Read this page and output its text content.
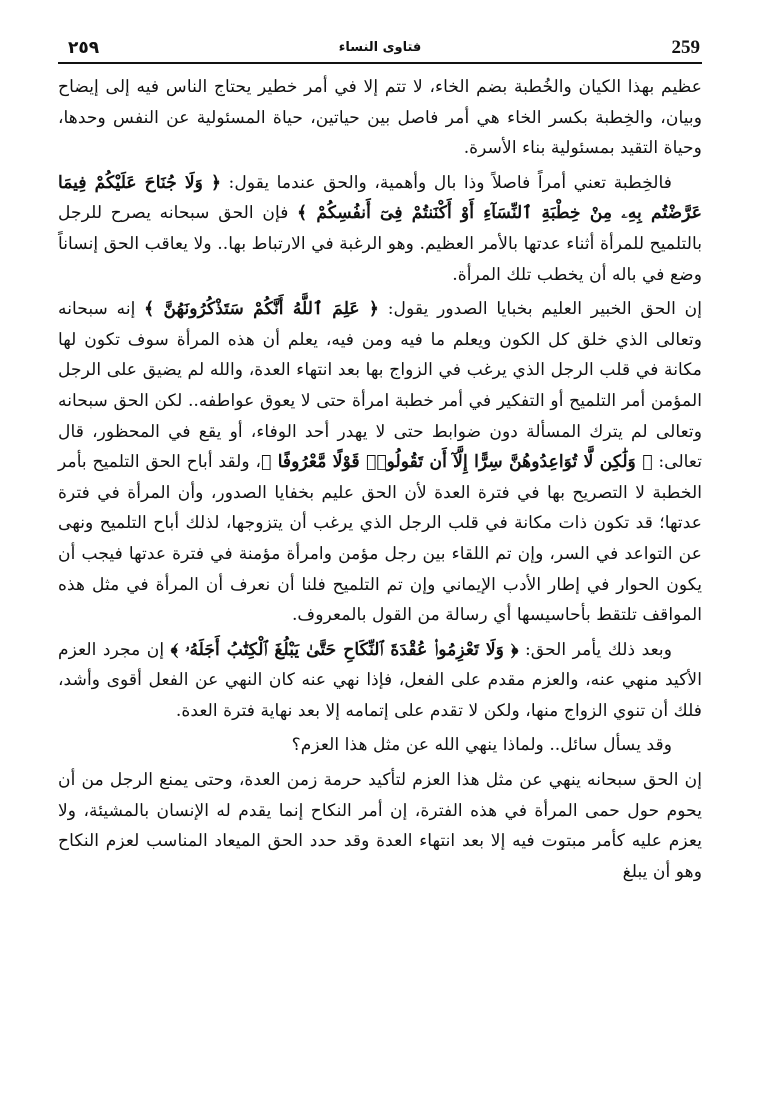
٢٥٩	فتاوى النساء	259

عظيم بهذا الكيان والخُطبة بضم الخاء، لا تتم إلا في أمر خطير يحتاج الناس فيه إلى إيضاح وبيان، والخِطبة بكسر الخاء هي أمر فاصل بين حياتين، حياة المسئولية عن النفس وحدها، وحياة التقيد بمسئولية بناء الأسرة.

فالخِطبة تعني أمراً فاصلاً وذا بال وأهمية، والحق عندما يقول: ﴿ وَلَا جُنَاحَ عَلَيْكُمْ فِيمَا عَرَّضْتُم بِهِۦ مِنْ خِطْبَةِ ٱلنِّسَآءِ أَوْ أَكْنَنتُمْ فِىٓ أَنفُسِكُمْ ﴾ فإن الحق سبحانه يصرح للرجل بالتلميح للمرأة أثناء عدتها بالأمر العظيم. وهو الرغبة في الارتباط بها.. ولا يعاقب الحق إنساناً وضع في باله أن يخطب تلك المرأة.

إن الحق الخبير العليم بخبايا الصدور يقول: ﴿ عَلِمَ ٱللَّهُ أَنَّكُمْ سَتَذْكُرُونَهُنَّ ﴾ إنه سبحانه وتعالى الذي خلق كل الكون ويعلم ما فيه ومن فيه، يعلم أن هذه المرأة سوف تكون لها مكانة في قلب الرجل الذي يرغب في الزواج بها بعد انتهاء العدة، والله لم يضيق على الرجل المؤمن أمر التلميح أو التفكير في أمر خطبة امرأة حتى لا يعوق عواطفه.. لكن الحق سبحانه وتعالى لم يترك المسألة دون ضوابط حتى لا يهدر أحد الوفاء، أو يقع في المحظور، قال تعالى: ﴿ وَلَٰكِن لَّا تُوَاعِدُوهُنَّ سِرًّا إِلَّآ أَن تَقُولُوا۟ قَوْلًا مَّعْرُوفًا ﴾، ولقد أباح الحق التلميح بأمر الخطبة لا التصريح بها في فترة العدة لأن الحق عليم بخفايا الصدور، وأن المرأة في فترة عدتها؛ قد تكون ذات مكانة في قلب الرجل الذي يرغب أن يتزوجها، لذلك أباح التلميح ونهى عن التواعد في السر، وإن تم اللقاء بين رجل مؤمن وامرأة مؤمنة في فترة عدتها فيجب أن يكون الحوار في إطار الأدب الإيماني وإن تم التلميح فلنا أن نعرف أن المرأة في مثل هذه المواقف تلتقط بأحاسيسها أي رسالة من القول بالمعروف.

وبعد ذلك يأمر الحق: ﴿ وَلَا تَعْزِمُوا۟ عُقْدَةَ ٱلنِّكَاحِ حَتَّىٰ يَبْلُغَ ٱلْكِتَٰبُ أَجَلَهُۥ ﴾ إن مجرد العزم الأكيد منهي عنه، والعزم مقدم على الفعل، فإذا نهي عنه كان النهي عن الفعل أقوى وأشد، فلك أن تنوي الزواج منها، ولكن لا تقدم على إتمامه إلا بعد نهاية فترة العدة.

وقد يسأل سائل.. ولماذا ينهي الله عن مثل هذا العزم؟

إن الحق سبحانه ينهي عن مثل هذا العزم لتأكيد حرمة زمن العدة، وحتى يمنع الرجل من أن يحوم حول حمى المرأة في هذه الفترة، إن أمر النكاح إنما يقدم له الإنسان بالمشيئة، ولا يعزم عليه كأمر مبتوت فيه إلا بعد انتهاء العدة وقد حدد الحق الميعاد المناسب لعزم النكاح وهو أن يبلغ
